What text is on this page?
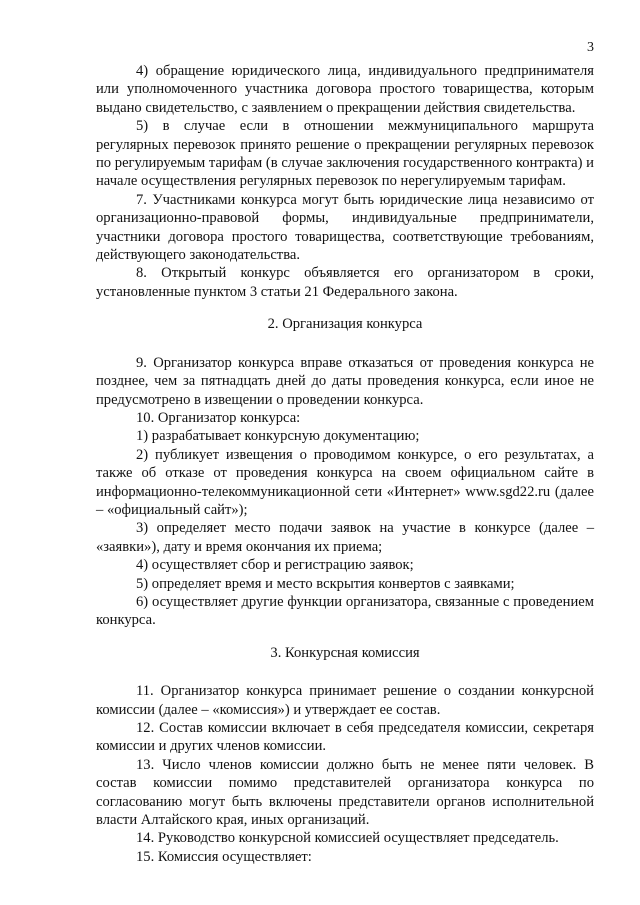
3

4) обращение юридического лица, индивидуального предпринимателя или уполномоченного участника договора простого товарищества, которым выдано свидетельство, с заявлением о прекращении действия свидетельства.

5) в случае если в отношении межмуниципального маршрута регулярных перевозок принято решение о прекращении регулярных перевозок по регулируемым тарифам (в случае заключения государственного контракта) и начале осуществления регулярных перевозок по нерегулируемым тарифам.

7. Участниками конкурса могут быть юридические лица независимо от организационно-правовой формы, индивидуальные предприниматели, участники договора простого товарищества, соответствующие требованиям, действующего законодательства.

8. Открытый конкурс объявляется его организатором в сроки, установленные пунктом 3 статьи 21 Федерального закона.

2. Организация конкурса

9. Организатор конкурса вправе отказаться от проведения конкурса не позднее, чем за пятнадцать дней до даты проведения конкурса, если иное не предусмотрено в извещении о проведении конкурса.

10. Организатор конкурса:

1) разрабатывает конкурсную документацию;

2) публикует извещения о проводимом конкурсе, о его результатах, а также об отказе от проведения конкурса на своем официальном сайте в информационно-телекоммуникационной сети «Интернет» www.sgd22.ru (далее – «официальный сайт»);

3) определяет место подачи заявок на участие в конкурсе (далее – «заявки»), дату и время окончания их приема;

4) осуществляет сбор и регистрацию заявок;

5) определяет время и место вскрытия конвертов с заявками;

6) осуществляет другие функции организатора, связанные с проведением конкурса.

3. Конкурсная комиссия

11. Организатор конкурса принимает решение о создании конкурсной комиссии (далее – «комиссия») и утверждает ее состав.

12. Состав комиссии включает в себя председателя комиссии, секретаря комиссии и других членов комиссии.

13. Число членов комиссии должно быть не менее пяти человек. В состав комиссии помимо представителей организатора конкурса по согласованию могут быть включены представители органов исполнительной власти Алтайского края, иных организаций.

14. Руководство конкурсной комиссией осуществляет председатель.

15. Комиссия осуществляет:
